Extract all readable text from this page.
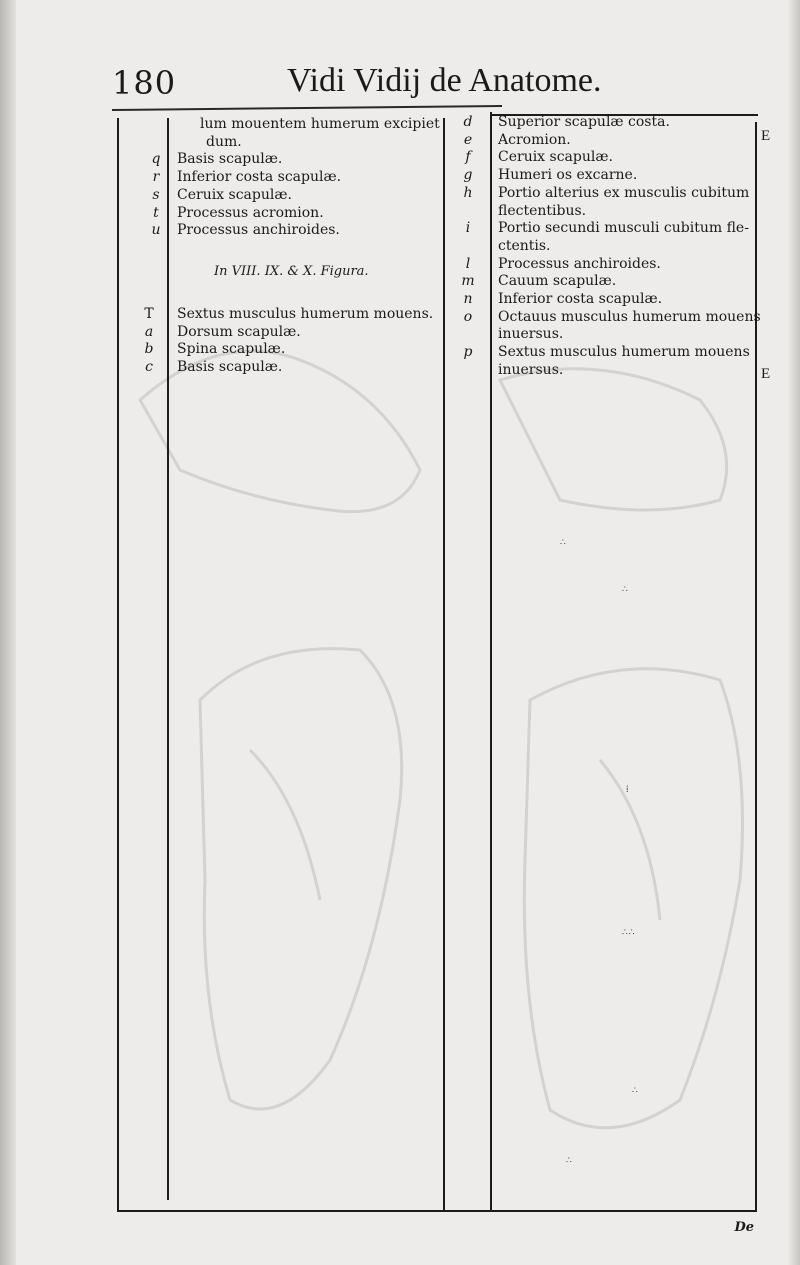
180	Vidi Vidij de Anatome.
lum mouentem humerum excipiet
dum.
q	Basis scapulæ.
r	Inferior costa scapulæ.
s	Ceruix scapulæ.
t	Processus acromion.
u	Processus anchiroides.
In VIII. IX. & X. Figura.
T	Sextus musculus humerum mouens.
a	Dorsum scapulæ.
b	Spina scapulæ.
c	Basis scapulæ.
d	Superior scapulæ costa.
e	Acromion.
f	Ceruix scapulæ.
g	Humeri os excarne.
h	Portio alterius ex musculis cubitum
flectentibus.
i	Portio secundi musculi cubitum fle-
ctentis.
l	Processus anchiroides.
m	Cauum scapulæ.
n	Inferior costa scapulæ.
o	Octauus musculus humerum mouens
inuersus.
p	Sextus musculus humerum mouens
inuersus.
E
E
∴
∴
⁞
∴∴
∴
∴
De
